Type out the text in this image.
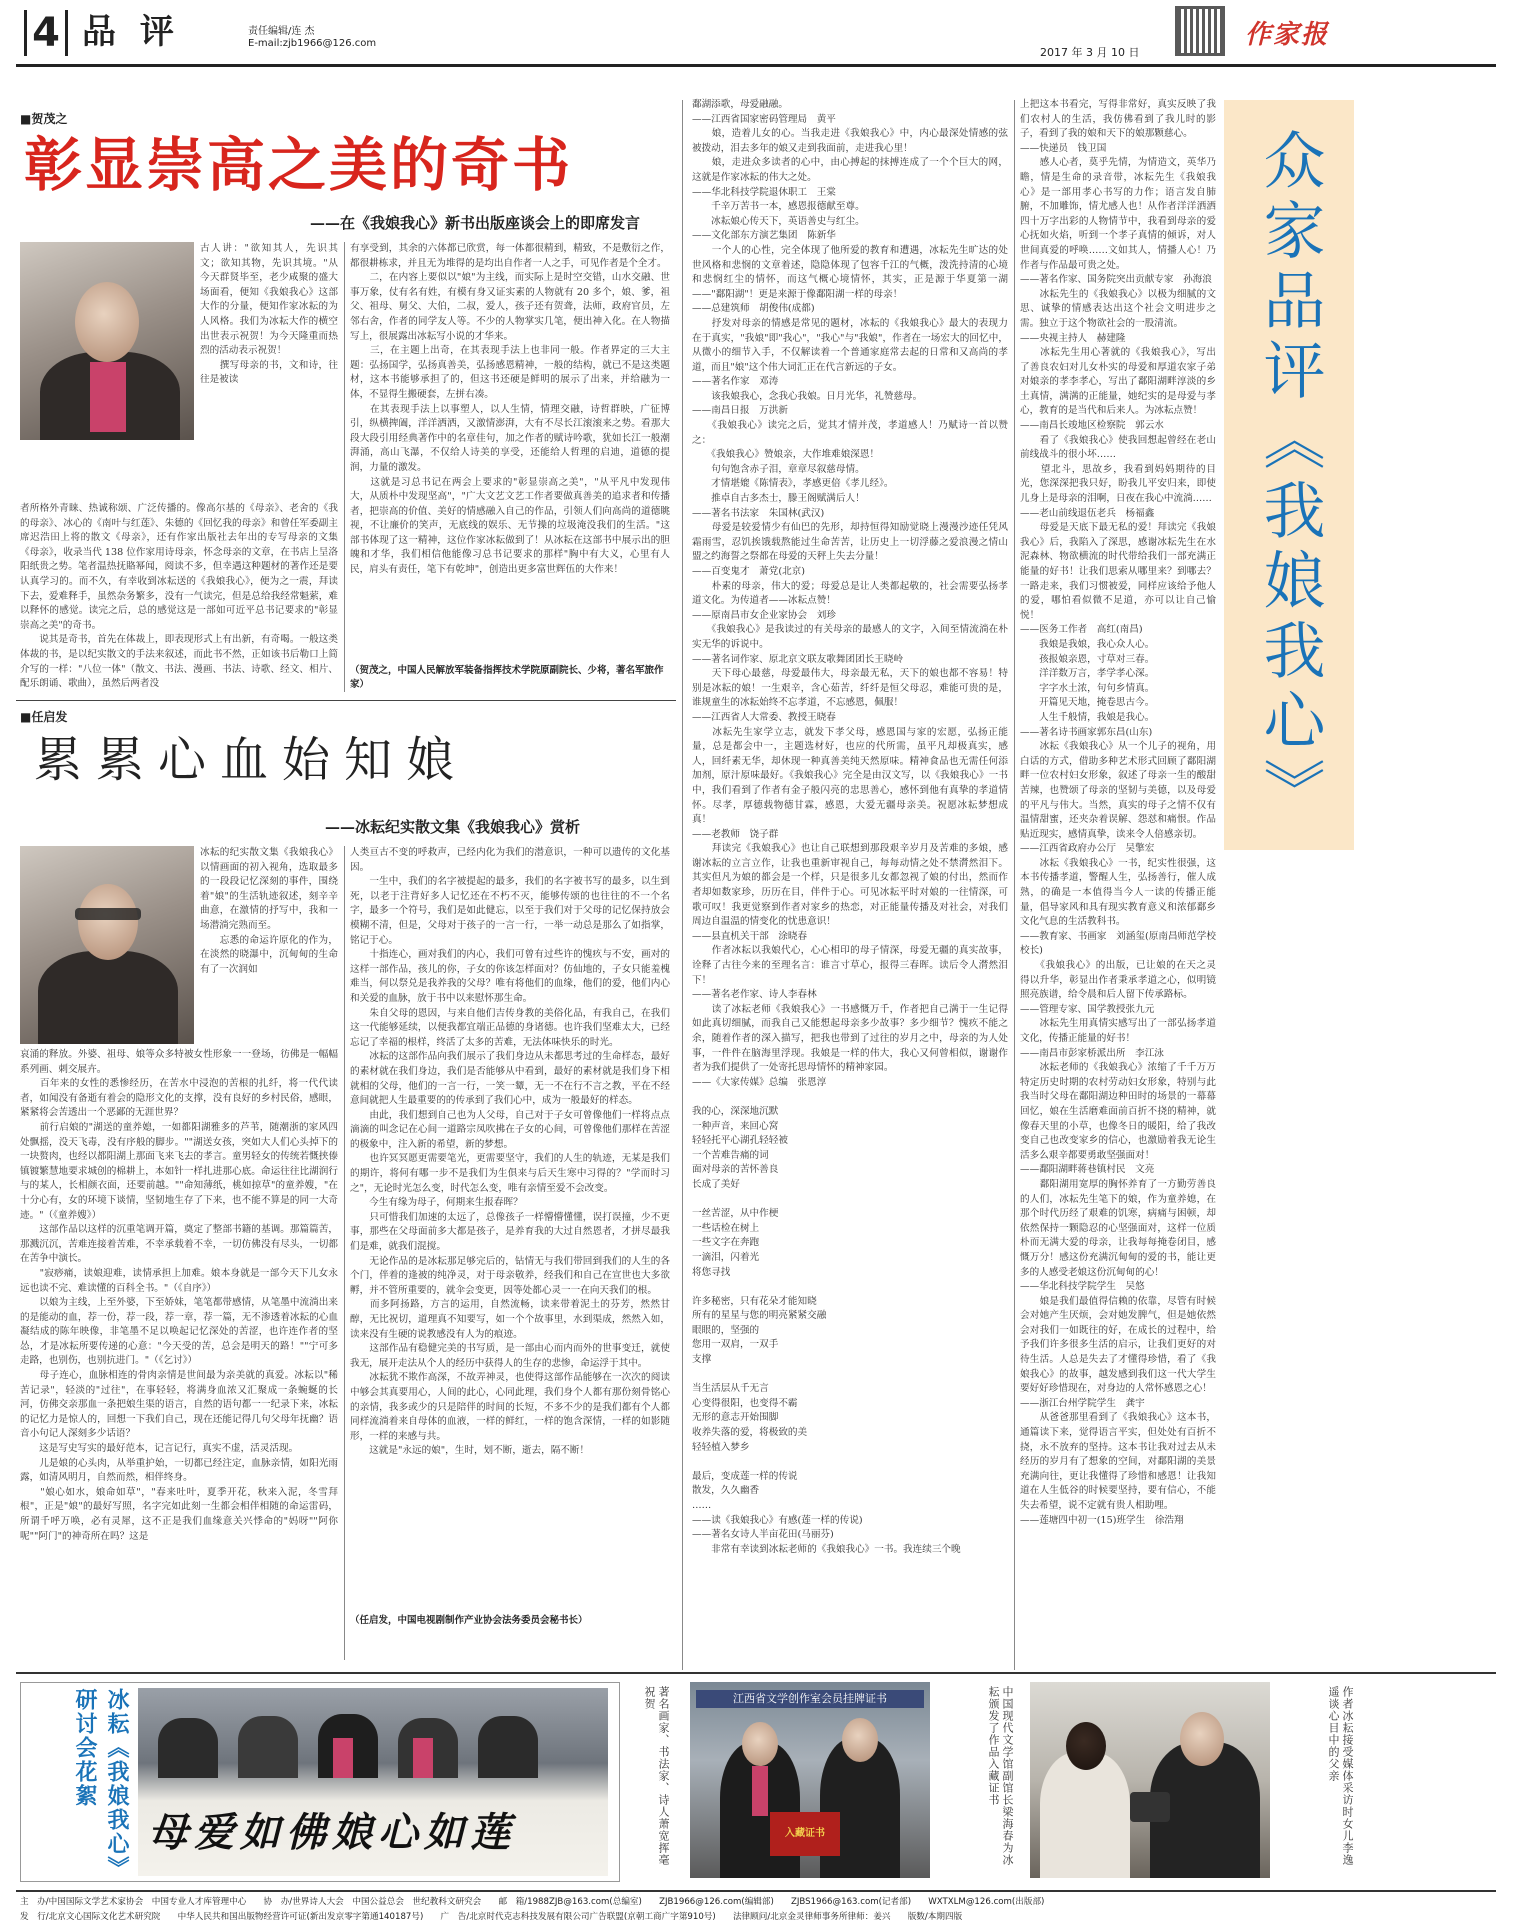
4 品 评	责任编辑/连 杰
E-mail:zjb1966@126.com
2017 年 3 月 10 日
作家报
■贺茂之
彰显崇高之美的奇书
——在《我娘我心》新书出版座谈会上的即席发言
古人讲："欲知其人，先识其文；欲知其物，先识其境。"从今天群贤毕至，老少咸聚的盛大场面看，便知《我娘我心》这部大作的分量，便知作家冰耘的为人风格。我们为冰耘大作的横空出世表示祝贺！为今天隆重而热烈的活动表示祝贺！
　　撰写母亲的书，文和诗，往往是被读
者所格外青睐、热诚称颂、广泛传播的。像高尔基的《母亲》、老舍的《我的母亲》、冰心的《南叶与红莲》、朱德的《回忆我的母亲》和曾任军委副主席迟浩田上将的散文《母亲》，还有作家出版社去年出的专写母亲的文集《母亲》，收录当代 138 位作家用诗母亲，怀念母亲的文章，在书店上呈洛阳纸贵之势。笔者温热抚賂幂闻，阅读不多，但幸遇这种题材的著作还是要认真学习的。而不久，有幸收到冰耘送的《我娘我心》，便为之一震，拜读下去，爱难释手，虽然杂务繁多，没有一气读完，但是总给我经常魁萦，难以释怀的感觉。读完之后，总的感觉这是一部如可近平总书记要求的"彰显崇高之美"的奇书。
　　说其是奇书，首先在体裁上，即表现形式上有出新，有奇喝。一般这类体裁的书，是以纪实散文的手法来叙述，而此书不然，正如该书后勒口上简介写的一样："八位一体"（散文、书法、漫画、书法、诗歌、经文、相片、配乐朗诵、歌曲），虽然后两者没
有享受到，其余的六体都已欣赏，每一体都很精到，精致，不是敷衍之作，都很耕栋求，并且无为堆得的是均出自作者一人之手，可见作者是个全才。
　　二，在内容上要似以"娘"为主线，而实际上是时空交错，山水交融、世事万象，仗有名有姓，有模有身又证实素的人物就有 20 多个，娘、爹，祖父、祖母、舅父、大伯，二叔，爱人，孩子还有贺聋，法师，政府官员，左邻右舍，作者的同学友人等。不少的人物掌实几笔，便出神入化。在人物描写上，很展露出冰耘写小说的才华来。
　　三，在主题上出奇，在其表现手法上也非同一般。作者界定的三大主题：弘扬国学，弘扬真善美，弘扬感恩精神，一般的结构，就已不是这类题材，这本书能够承担了的，但这书还硬是鲜明的展示了出来，并给融为一体，不显得生搬硬套，左拼右凑。
　　在其表现手法上以事塑人，以人生情，情理交融，诗哲群映，广征博引，纵横捭阖，洋洋洒洒，又激情澎湃，大有不尽长江滚滚来之势。看那大段大段引用经典著作中的名章佳句，加之作者的赋诗吟歌，犹如长江一般潮湃涌，高山飞瀑，不仅给人诗美的享受，还能给人哲理的启迪，道德的提润，力量的激发。
　　这就是习总书记在两会上要求的"彰显崇高之美"，"从平凡中发现伟大，从质朴中发现坚高"，"广大文艺文艺工作者要做真善美的追求者和传播者，把崇高的价值、美好的情感融入自己的作品，引领人们向高尚的道德眺视，不让廉价的笑声，无底线的娱乐、无节操的垃圾淹没我们的生活。"这部书体现了这一精神，这位作家冰耘做到了！从冰耘在这部书中展示出的胆魄和才华，我们相信他能像习总书记要求的那样"胸中有大义，心里有人民，肩头有责任，笔下有乾坤"，创造出更多富世辉伍的大作来！
（贺茂之，中国人民解放军装备指挥技术学院原副院长、少将，著名军旅作家）
■任启发
累累心血始知娘
——冰耘纪实散文集《我娘我心》赏析
冰耘的纪实散文集《我娘我心》以情画面的初入视角，选取最多的一段段记忆深刻的事件，围绕着"娘"的生活轨迹叙述，刻辛辛曲意，在激情的抒写中，我和一场潜淌完熟而至。
　　忘悉的命运许原化的作为，在淡然的晓瀑中，沉甸甸的生命有了一次润如
哀涌的释放。外婆、祖母、娘等众多特被女性形象一一登场，彷佛是一幅幅系列画、刺交展卉。
　　百年来的女性的悉惨经历，在苦水中浸泡的苦根的扎纤，将一代代读者，如闻没有备逝有着会的隐形文化的支撑，没有良好的乡村民俗，感眼，紧紧将会苦透出一个恶鄙的无涯世界？
　　前行启娘的"湖送的童养媳，一如都阳湖雅多的芦苇，随潮浙的家风四处飘摇，没天飞毒，没有序般的脚步。""湖送女孩，突如大人们心头掉下的一块赘肉，也经以都阳湖上那面飞来飞去的孝言。童男轻女的传统若慨挟傣镇镀繁慧地要求城创的棉耕上，本如针一样扎进那心底。命运往往比湖润行与的某人，长相颜衣面，还要前越。""命知薄纸，桃如掠草"的童养嫂，"在十分心有，女的环境下谈情，坚韧地生存了下来，也不能不算是的同一大奇迹。"（《童养嫂》）
　　这部作品以这样的沉重笔调开篇，奠定了整部书籍的基调。那篇篇苦，那溅沉沉，苦难连接着苦难，不幸承载着不幸，一切仿佛没有尽头，一切都在苦争中演长。
　　"寂痧痛，读娘迎难，读情承担上加难。娘本身就是一部今天下儿女永远也读不完、难读懂的百科全书。"（《自序》）
　　以娘为主线，上至外婆，下至娇妹，笔笔都带感情，从笔墨中流淌出来的是能动的血，荐一份，荐一段，荐一章，荐一篇，无不渗透着冰耘的心血凝结成的陈年映像，非笔墨不足以唤起记忆深处的苦涩，也许连作者的坚怂，才是冰耘所要传递的心意："今天受的苦，总会是明天的路！""宁可多走路，也别伤，也别抗进门。"（《乞讨》）
　　母子连心，血脉相连的骨肉亲情是世间最为亲美就的真爱。冰耘以"稀苦记录"，轻淡的"过往"，在事轻轻，将满身血浓又汇聚成一条蜿蜒的长河，仿佛交亲那血一条把娘生渠的语言，自然的语句都一一纪录下来，冰耘的记忆力是惊人的，回想一下我们自己，现在还能记得几句父母年抚幽？语音小句记人深刻多少话语？
　　这是写史写实的最好范本，记言记行，真实不虚，活灵活现。
　　儿是娘的心头肉，从举重护始，一切都已经注定，血脉亲情，如阳光雨露，如清风明月，自然而然，相伴终身。
　　"娘心如水，娘命如草"，"春来吐叶，夏季开花，秋来入泥，冬雪拜根"，正是"娘"的最好写照，名字完如此刻一生都会相伴相随的命运雷码，所谓千呼万唤，必有灵犀，这不正是我们血缘意关兴悸命的"妈呀""阿你呢""阿门"的神奇所在吗？这是
人类亘古不变的呼救声，已经内化为我们的潜意识，一种可以遗传的文化基因。
　　一生中，我们的名字被提起的最多，我们的名字被书写的最多，以生到死，以老于注背好多人记忆还在不朽不灭，能够传颂的也往往的不一个名字，最多一个符号，我们是如此健忘，以至于我们对于父母的记忆保持放会模糊不清，但是，父母对于孩子的一言一行，一举一动总是那么了如指掌，铭记于心。
　　十指连心，画对我们的内心，我们可曾有过些许的愧疚与不安，画对的这样一部作品，孩儿的你，子女的你该怎样面对？仿仙地的，子女只能羞槐难当，何以祭兑是我养我的父母？唯有将他们的血缘，他们的爱，他们内心和关爱的血脉，放于书中以来慰怀那生命。
　　朱自父母的恩因，与来自他们吉传身教的美俗化品，有我自己，在我们这一代能够延续，以便我都宜端正品德的身诸德。也许我们坚难太大，已经忘记了幸福的根样，终活了太多的苦难，无法体味快乐的时光。
　　冰耘的这部作品向我们展示了我们身边从未都思考过的生命样态，最好的素材就在我们身边，我们是否能够从中看到，最好的素材就是我们身下相就相的父母，他们的一言一行，一笑一颦，无一不在行不言之教，平在不经意间就把人生最重要的的传承到了我们心中，成为一般最好的样态。
　　由此，我们想到自己也为人父母，自己对于子女可曾像他们一样将点点滴滴的叫念记在心间一道路宗凤吹拂在子女的心间，可曾像他们那样在苦涩的极象中，注入新的希望，新的梦想。
　　也许冥冥愿更需要笔光，更需要坚守，我们的人生的轨迹，无某是我们的期许，将何有哪一步不是我们为生俱来与后天生寒中习得的？"学而时习之"，无论时光怎么变，时代怎么变，唯有亲情至爱不会改变。
　　今生有缘为母子，何期来生报春晖？
　　只可惜我们加速的太远了，总像孩子一样懵懵懂懂，误打误撞，少不更事，那些在父母面前多大都是孩子，是养育我的大过自然恩者，才拼尽最我们是难，就我们混搅。
　　无论作品的是冰耘那足够完后的，钻情无与我们带回到我们的人生的各个门，伴着的逢被的纯净灵，对于母亲敬养，经我们和自己在宣世也大多欲孵，并不管所重要的，就伞会变更，因等处都心灵一一在向天我们的根。
　　而多阿扬路，方言的运用，自然流畅，读来带着泥土的芬芳，然然甘醇，无比祝切，道理真不知要写，如一个个故事里，水到渠成，然然入如，读来没有生硬的说教感没有人为的痕迹。
　　这部作品有稳健完美的书写质，是一部由心而内而外的世事变迁，就使我无，展开走法从个人的经历中获得人的生存的悲惨，命运浮于其中。
　　冰耘犹不欺作高深，不故弄神灵，也使得这部作品能够在一次次的阅读中够会其真要用心，人间的此心，心同此理，我们身个人都有那份刻骨铭心的亲情，我多或少的只是陪伴的时间的长短，不多不少的是我们都有个人都同样流淌着来自母体的血液，一样的鲜红，一样的饱含深情，一样的如影随形，一样的来感与共。
　　这就是"永远的娘"，生时，划不断，逝去，隔不断！
（任启发，中国电视剧制作产业协会法务委员会秘书长）
鄱湖添歌，母爱融融。
——江西省国家密码管理局　黄平
　　娘，造着儿女的心。当我走进《我娘我心》中，内心最深处情感的弦被拨动，泪去多年的娘又走到我面前，走进我心里！
　　娘，走进众多读者的心中，由心搏起的抹搏连成了一个个巨大的网，这就是作家冰耘的伟大之处。
——华北科技学院退休职工　王棠
　　千辛万苦书一本，感恩报德献至尊。
　　冰耘娘心传天下，英语善史与红尘。
——文化部东方演艺集团　陈新华
　　一个人的心性，完全体现了他所爱的教育和遭遇，冰耘先生旷达的处世风格和悲悯的文章着述，隐隐体现了包容千江的气概，泼洗持清的心境和悲悯红尘的情怀，而这气概心境情怀，其实，正是源于华夏第一湖——"鄱阳湖"！更是来源于像鄱阳湖一样的母亲！
——总建筑师　胡俊伟(成都)
　　抒发对母亲的情感是常见的题材，冰耘的《我娘我心》最大的表现力在于真实，"我娘"即"我心"，"我心"与"我娘"，作者在一场宏大的回忆中，从微小的细节入手，不仅解读着一个普通家庭常去起的日常和又高尚的孝道，而且"娘"这个伟大词汇正在代言新远的子女。
——著名作家　邓涛
　　该我娘我心，念我心我娘。日月光华，礼赞慈母。
——南昌日报　万洪新
　　《我娘我心》读完之后，觉其才情并茂，孝道感人！乃赋诗一首以赞之：
　　《我娘我心》赞娘亲，大作堆难娘深恩！
　　句句饱含赤子泪，章章尽叙慈母情。
　　才情堪媲《陈情表》，孝感更倍《孝儿经》。
　　推卓自古多杰士，滕王阁赋满后人！
——著名书法家　朱国林(武汉)
　　母爱是较爱情少有仙巴的先形，却持恒得知励觉晓上漫漫沙迹任凭风霜雨雪，忍饥挨饿载熬能过生命苦苦，让历史上一切浮藤之爱浪漫之情山盟之约海誓之祭都在母爱的天秤上失去分量！
——百变鬼才　萧党(北京)
　　朴素的母亲，伟大的爱；母爱总是让人类都起敬的，社会需要弘扬孝道文化。为传道者——冰耘点赞！
——原南昌市女企业家协会　刘珍
　　《我娘我心》是我读过的有关母亲的最感人的文字，入间至情流淌在朴实无华的诉说中。
——著名词作家、原北京文联友歌舞团团长王晓岭
　　天下母心最慈，母爱最伟大，母亲最无私，天下的娘也都不容易！特别是冰耘的娘！一生艰辛，含心茹苦，纤纤是恒父母忍，难能可贵的是，谁规童生的冰耘始终不忘孝道，不忘感恩，佩服！
——江西省人大常委、教授王晓春
　　冰耘先生家学立志，就发下孝父母，感恩国与家的宏愿，弘扬正能量，总是都会中一，主题选材好，也应的代所需，虽平凡却极真实，感人，回纤素无华，却休现一种真善美纯天然原味。精神食品也无需任何添加剂，原汁原味最好。《我娘我心》完全是由汉文写，以《我娘我心》一书中，我们看到了作者有金子般闪亮的忠思善心，感怀到他有真挚的孝道情怀。尽孝，厚德载物德甘霖，感恩，大爱无疆母亲美。祝愿冰耘梦想成真！
——老教师　饶子群
　　拜读完《我娘我心》也让自己联想到那段艰辛岁月及苦难的多娘，感谢冰耘的立言立作，让我也重新审视自己，每每动情之处不禁潸然泪下。其实但凡为娘的都会是一个样，只是很多儿女都忽视了娘的付出，然而作者却如数家珍，历历在目，伴件于心。可见冰耘平时对娘的一往情深，可歌可叹！我更觉察到作者对家乡的热恋，对正能量传播及对社会，对我们周边自温温的情变化的忧患意识！
——县直机关干部　涂晓春
　　作者冰耘以我娘代心，心心相印的母子情深，母爱无疆的真实故事，诠释了古往今来的至理名言：谁言寸草心，报得三春晖。读后令人潸然泪下！
——著名老作家、诗人李春林
　　读了冰耘老师《我娘我心》一书感慨万千，作者把自己满于一生记得如此真切细腻，而我自己又能想起母亲多少故事？多少细节？愧疚不能之余，随着作者的深入描写，把我也带到了过往的岁月之中，母亲的为人处事，一件件在脑海里浮现。我娘是一样的伟大，我心又何曾相似，谢谢作者为我们提供了一处寄托思母情怀的精神家园。
——《大家传媒》总编　张恩淳

我的心，深深地沉默
一种声音，来回心窝
轻轻托平心湖孔轻轻被
一个苦难告痛的词
面对母亲的苦怀善良
长成了美好

一丝苦涩，从中作梗
一些话检在树上
一些文字在奔跑
一滴泪，闪着光
将您寻找

许多秘密，只有花朵才能知晓
所有的星星与您的明亮紧紧交融
眼眼的，坚强的
您用一双肩，一双手
支撑

当生活层从千无言
心变得很阳，也变得不霸
无形的意志开始围脚
收养失落的爱，将极致的美
轻轻植入梦乡

最后，变成莲一样的传说
散发，久久幽香
……
——读《我娘我心》有感(莲一样的传说)
——著名女诗人半亩花田(马丽芬)
　　非常有幸读到冰耘老师的《我娘我心》一书。我连续三个晚
上把这本书看完，写得非常好，真实反映了我们农村人的生活，我仿佛看到了我儿时的影子，看到了我的娘和天下的娘那颗慈心。
——快递员　钱卫国
　　感人心者，莫乎先情，为情造文，英华乃瞻，情是生命的录音带，冰耘先生《我娘我心》是一部用孝心书写的力作；语言发自肺腑，不加雕饰，情尤感人也！从作者洋洋洒洒四十万字出彩的人物情节中，我看到母亲的爱心抚如火焰，听到一个孝子真情的倾诉，对人世间真爱的呼唤……文如其人，情播人心！乃作者与作品最可贵之处。
——著名作家、国务院突出贡献专家　孙海浪
　　冰耘先生的《我娘我心》以极为细腻的文思、诚挚的情感表达出这个社会文明进步之需。独立于这个物欲社会的一股清流。
——央视主持人　赫建隆
　　冰耘先生用心著就的《我娘我心》，写出了善良农妇对儿女朴实的母爱和厚道农家子弟对娘亲的孝李孝心，写出了鄱阳湖畔淳淡的乡土真情，满满的正能量，她纪实的是母爱与孝心，教育的是当代和后来人。为冰耘点赞！
——南昌长竣地区检察院　郭云水
　　看了《我娘我心》使我回想起曾经在老山前线战斗的很小坏……
　　望北斗，思故乡，我看到妈妈期待的目光，您深深把我只好，盼我儿平安归来，即使儿身上是母亲的泪啊，日夜在我心中流淌……
——老山前线退伍老兵　杨福鑫
　　母爱是天底下最无私的爱！拜读完《我娘我心》后，我陷入了深思，感谢冰耘先生在水泥森林、物欲横流的时代带给我们一部充满正能量的好书！让我们思索从哪里来？到哪去？一路走来，我们习惯被爱，同样应该给予他人的爱，哪怕看似微不足道，亦可以让自己愉悦！
——医务工作者　高红(南昌)
　　我娘是我娘，我心众人心。
　　孩报娘亲恩，寸草对三春。
　　洋洋数万言，孝学孝心深。
　　字字水土浓，句句乡情真。
　　开篇见天地，掩卷思古今。
　　人生千般情，我娘是我心。
——著名诗书画家郭东昌(山东)
　　冰耘《我娘我心》从一个儿子的视角，用白话的方式，借助多种艺术形式回顾了鄱阳湖畔一位农村妇女形象，叙述了母亲一生的酸甜苦辣，也赞颂了母亲的坚韧与美德，以及母爱的平凡与伟大。当然，真实的母子之情不仅有温情甜蜜，还夹杂着误解、怨怼和痛恨。作品贴近现实，感情真挚，读来令人倍感亲切。
——江西省政府办公厅　吴擎宏
　　冰耘《我娘我心》一书，纪实性很强，这本书传播孝道，警醒人生，弘扬善行，催人成熟，的确是一本值得当今人一读的传播正能量，倡导家风和具有现实教育意义和浓郁鄱乡文化气息的生活教科书。
——教育家、书画家　刘涵玺(原南昌师范学校校长)
　　《我娘我心》的出版，已让娘的在天之灵得以升华，彰显出作者秉承孝道之心，似明镜照亮族谱，给令晨和后人留下传承路标。
——管理专家、国学教授张九元
　　冰耘先生用真情实感写出了一部弘扬孝道文化，传播正能量的好书！
——南昌市彭家桥派出所　李江泳
　　冰耘老师的《我娘我心》浓缩了千千万万特定历史时期的农村劳动妇女形象，特别与此我当时父母在鄱阳湖边种田时的场景的一幕幕回忆，娘在生活磨难面前百折不挠的精神，就像春天里的小草，也像冬日的暖阳，给了我改变自己也改变家乡的信心，也激励着我无论生活多么艰辛都要勇敢坚强面对！
——鄱阳湖畔蒋巷镇村民　文亮
　　鄱阳湖用宽厚的胸怀养育了一方勤劳善良的人们，冰耘先生笔下的娘，作为童养媳，在那个时代历经了艰难的饥寒，病痛与困顿，却依然保持一颗隐忍的心坚强面对，这样一位质朴而无满大爱的母亲，让我每每掩卷闭目，感慨万分！感这份充满沉甸甸的爱的书，能让更多的人感受老娘这份沉甸甸的心！
——华北科技学院学生　吴悠
　　娘是我们最值得信赖的依靠，尽管有时候会对她产生厌烦，会对她发脾气，但是她依然会对我们一如既往的好，在成长的过程中，给予我们许多很多生活的启示，让我们更好的对待生活。人总是失去了才懂得珍惜，看了《我娘我心》的故事，越发感到我们这一代大学生要好好珍惜现在，对身边的人常怀感恩之心！
——浙江台州学院学生　龚宇
　　从爸爸那里看到了《我娘我心》这本书，通篇读下来，觉得语言平实，但处处有百折不挠，永不放弃的坚持。这本书让我对过去从未经历的岁月有了想象的空间，对鄱阳湖的美景充满向往，更让我懂得了珍惜和感恩！让我知道在人生低谷的时候要坚持，要有信心，不能失去希望，说不定就有贵人相助哩。
——莲塘四中初一(15)班学生　徐浩翔
众家品评《我娘我心》
冰耘《我娘我心》研讨会花絮
母爱如佛娘心如莲	著名画家、书法家、诗人萧宽挥毫祝贺	江西省文学创作室会员挂牌证书
入藏证书	中国现代文学馆副馆长梁海春为冰耘颁发了作品入藏证书	作者冰耘接受媒体采访时女儿李逸遥谈心目中的父亲
主　办/中国国际文学艺术家协会　中国专业人才库管理中心　　协　办/世界诗人大会　中国公益总会　世纪教科文研究会　　邮　箱/1988ZJB@163.com(总编室)　　ZJB1966@126.com(编辑部)　　ZJBS1966@163.com(记者部)　　WXTXLM@126.com(出版部)
发　行/北京文心国际文化艺术研究院　　中华人民共和国出版物经营许可证(新出发京零字第通140187号)　　广　告/北京时代克志科技发展有限公司广告联盟(京朝工商广字第910号)　　法律顾问/北京金灵律师事务所律师：姜兴　　版数/本期四版
